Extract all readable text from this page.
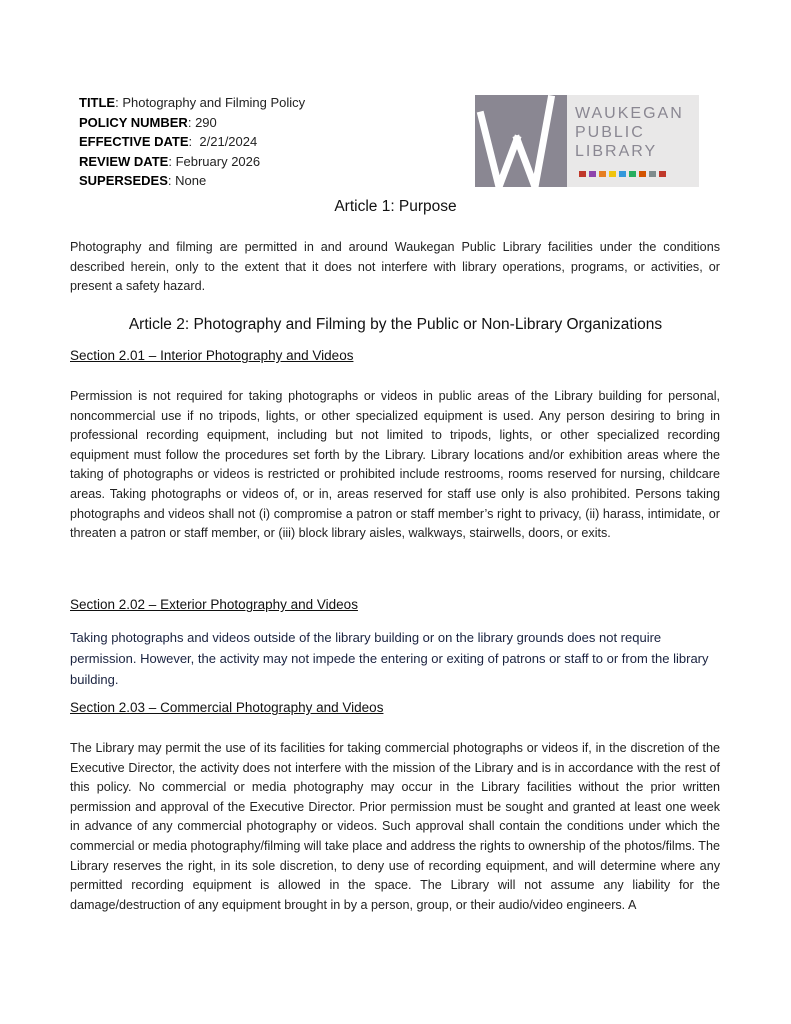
TITLE: Photography and Filming Policy
POLICY NUMBER: 290
EFFECTIVE DATE:  2/21/2024
REVIEW DATE: February 2026
SUPERSEDES: None
WAUKEGAN
PUBLIC
LIBRARY
Article 1: Purpose
Photography and filming are permitted in and around Waukegan Public Library facilities under the conditions described herein, only to the extent that it does not interfere with library operations, programs, or activities, or present a safety hazard.
Article 2: Photography and Filming by the Public or Non-Library Organizations
Section 2.01 – Interior Photography and Videos
Permission is not required for taking photographs or videos in public areas of the Library building for personal, noncommercial use if no tripods, lights, or other specialized equipment is used. Any person desiring to bring in professional recording equipment, including but not limited to tripods, lights, or other specialized recording equipment must follow the procedures set forth by the Library. Library locations and/or exhibition areas where the taking of photographs or videos is restricted or prohibited include restrooms, rooms reserved for nursing, childcare areas. Taking photographs or videos of, or in, areas reserved for staff use only is also prohibited. Persons taking photographs and videos shall not (i) compromise a patron or staff member’s right to privacy, (ii) harass, intimidate, or threaten a patron or staff member, or (iii) block library aisles, walkways, stairwells, doors, or exits.
Section 2.02 – Exterior Photography and Videos
Taking photographs and videos outside of the library building or on the library grounds does not require permission. However, the activity may not impede the entering or exiting of patrons or staff to or from the library building.
Section 2.03 – Commercial Photography and Videos
The Library may permit the use of its facilities for taking commercial photographs or videos if, in the discretion of the Executive Director, the activity does not interfere with the mission of the Library and is in accordance with the rest of this policy. No commercial or media photography may occur in the Library facilities without the prior written permission and approval of the Executive Director. Prior permission must be sought and granted at least one week in advance of any commercial photography or videos. Such approval shall contain the conditions under which the commercial or media photography/filming will take place and address the rights to ownership of the photos/films. The Library reserves the right, in its sole discretion, to deny use of recording equipment, and will determine where any permitted recording equipment is allowed in the space. The Library will not assume any liability for the damage/destruction of any equipment brought in by a person, group, or their audio/video engineers. A
